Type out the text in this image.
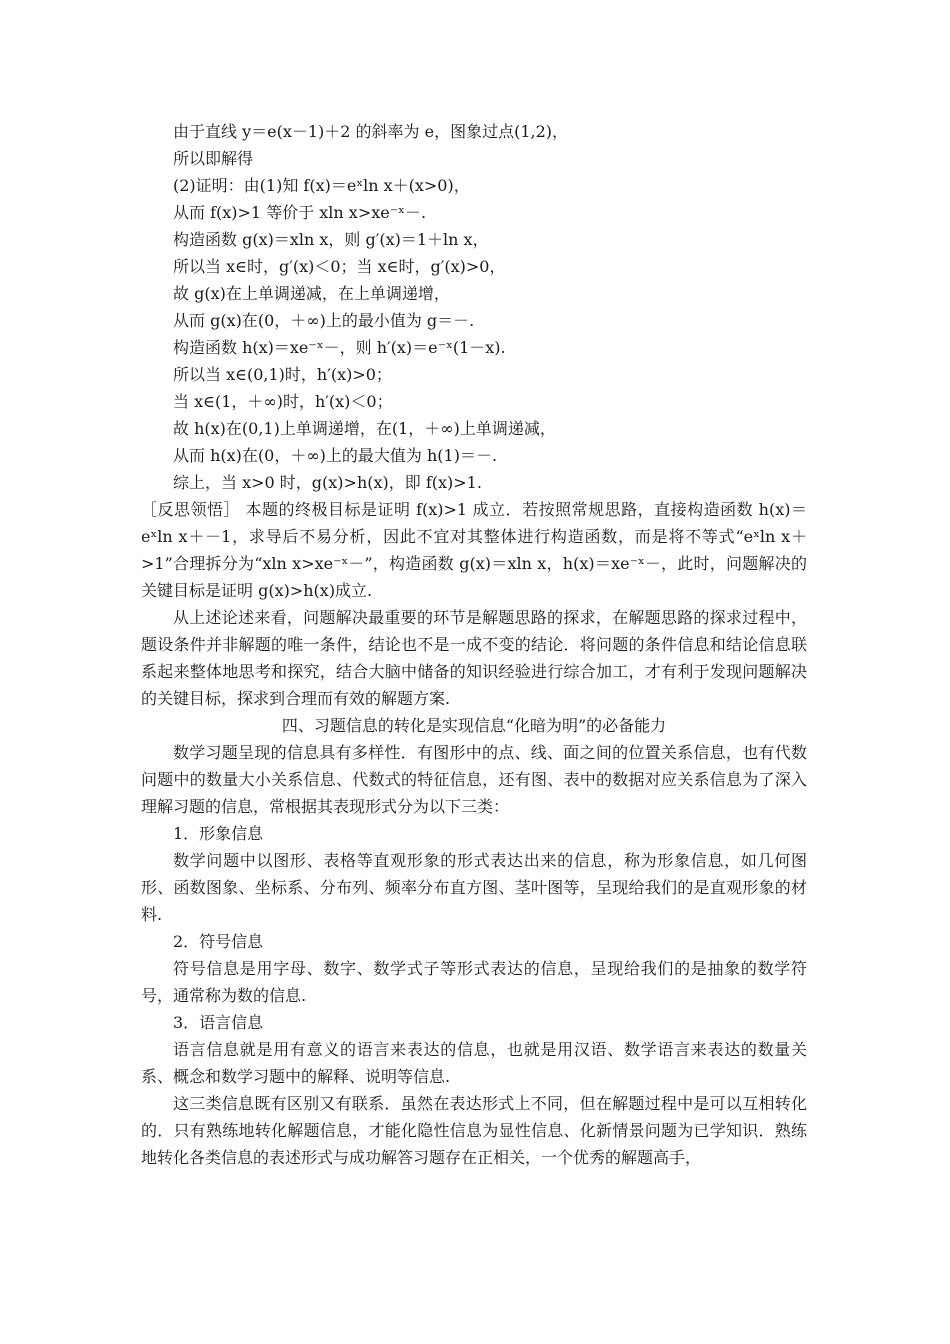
由于直线 y＝e(x－1)＋2 的斜率为 e，图象过点(1,2)，
所以即解得
(2)证明：由(1)知 f(x)＝eˣln x＋(x>0)，
从而 f(x)>1 等价于 xln x>xe⁻ˣ－.
构造函数 g(x)＝xln x，则 g′(x)＝1＋ln x，
所以当 x∈时，g′(x)＜0；当 x∈时，g′(x)>0，
故 g(x)在上单调递减，在上单调递增，
从而 g(x)在(0，＋∞)上的最小值为 g＝－.
构造函数 h(x)＝xe⁻ˣ－，则 h′(x)＝e⁻ˣ(1－x).
所以当 x∈(0,1)时，h′(x)>0；
当 x∈(1，＋∞)时，h′(x)＜0；
故 h(x)在(0,1)上单调递增，在(1，＋∞)上单调递减，
从而 h(x)在(0，＋∞)上的最大值为 h(1)＝－.
综上，当 x>0 时，g(x)>h(x)，即 f(x)>1.

［反思领悟］ 本题的终极目标是证明 f(x)>1 成立．若按照常规思路，直接构造函数 h(x)＝eˣln x＋－1，求导后不易分析，因此不宜对其整体进行构造函数，而是将不等式“eˣln x＋>1”合理拆分为“xln x>xe⁻ˣ－”，构造函数 g(x)＝xln x，h(x)＝xe⁻ˣ－，此时，问题解决的关键目标是证明 g(x)>h(x)成立.

从上述论述来看，问题解决最重要的环节是解题思路的探求，在解题思路的探求过程中，题设条件并非解题的唯一条件，结论也不是一成不变的结论．将问题的条件信息和结论信息联系起来整体地思考和探究，结合大脑中储备的知识经验进行综合加工，才有利于发现问题解决的关键目标，探求到合理而有效的解题方案.

四、习题信息的转化是实现信息“化暗为明”的必备能力

数学习题呈现的信息具有多样性．有图形中的点、线、面之间的位置关系信息，也有代数问题中的数量大小关系信息、代数式的特征信息，还有图、表中的数据对应关系信息为了深入理解习题的信息，常根据其表现形式分为以下三类：

1．形象信息

数学问题中以图形、表格等直观形象的形式表达出来的信息，称为形象信息，如几何图形、函数图象、坐标系、分布列、频率分布直方图、茎叶图等，呈现给我们的是直观形象的材料.

2．符号信息

符号信息是用字母、数字、数学式子等形式表达的信息，呈现给我们的是抽象的数学符号，通常称为数的信息.

3．语言信息

语言信息就是用有意义的语言来表达的信息，也就是用汉语、数学语言来表达的数量关系、概念和数学习题中的解释、说明等信息.

这三类信息既有区别又有联系．虽然在表达形式上不同，但在解题过程中是可以互相转化的．只有熟练地转化解题信息，才能化隐性信息为显性信息、化新情景问题为已学知识．熟练地转化各类信息的表述形式与成功解答习题存在正相关，一个优秀的解题高手，
